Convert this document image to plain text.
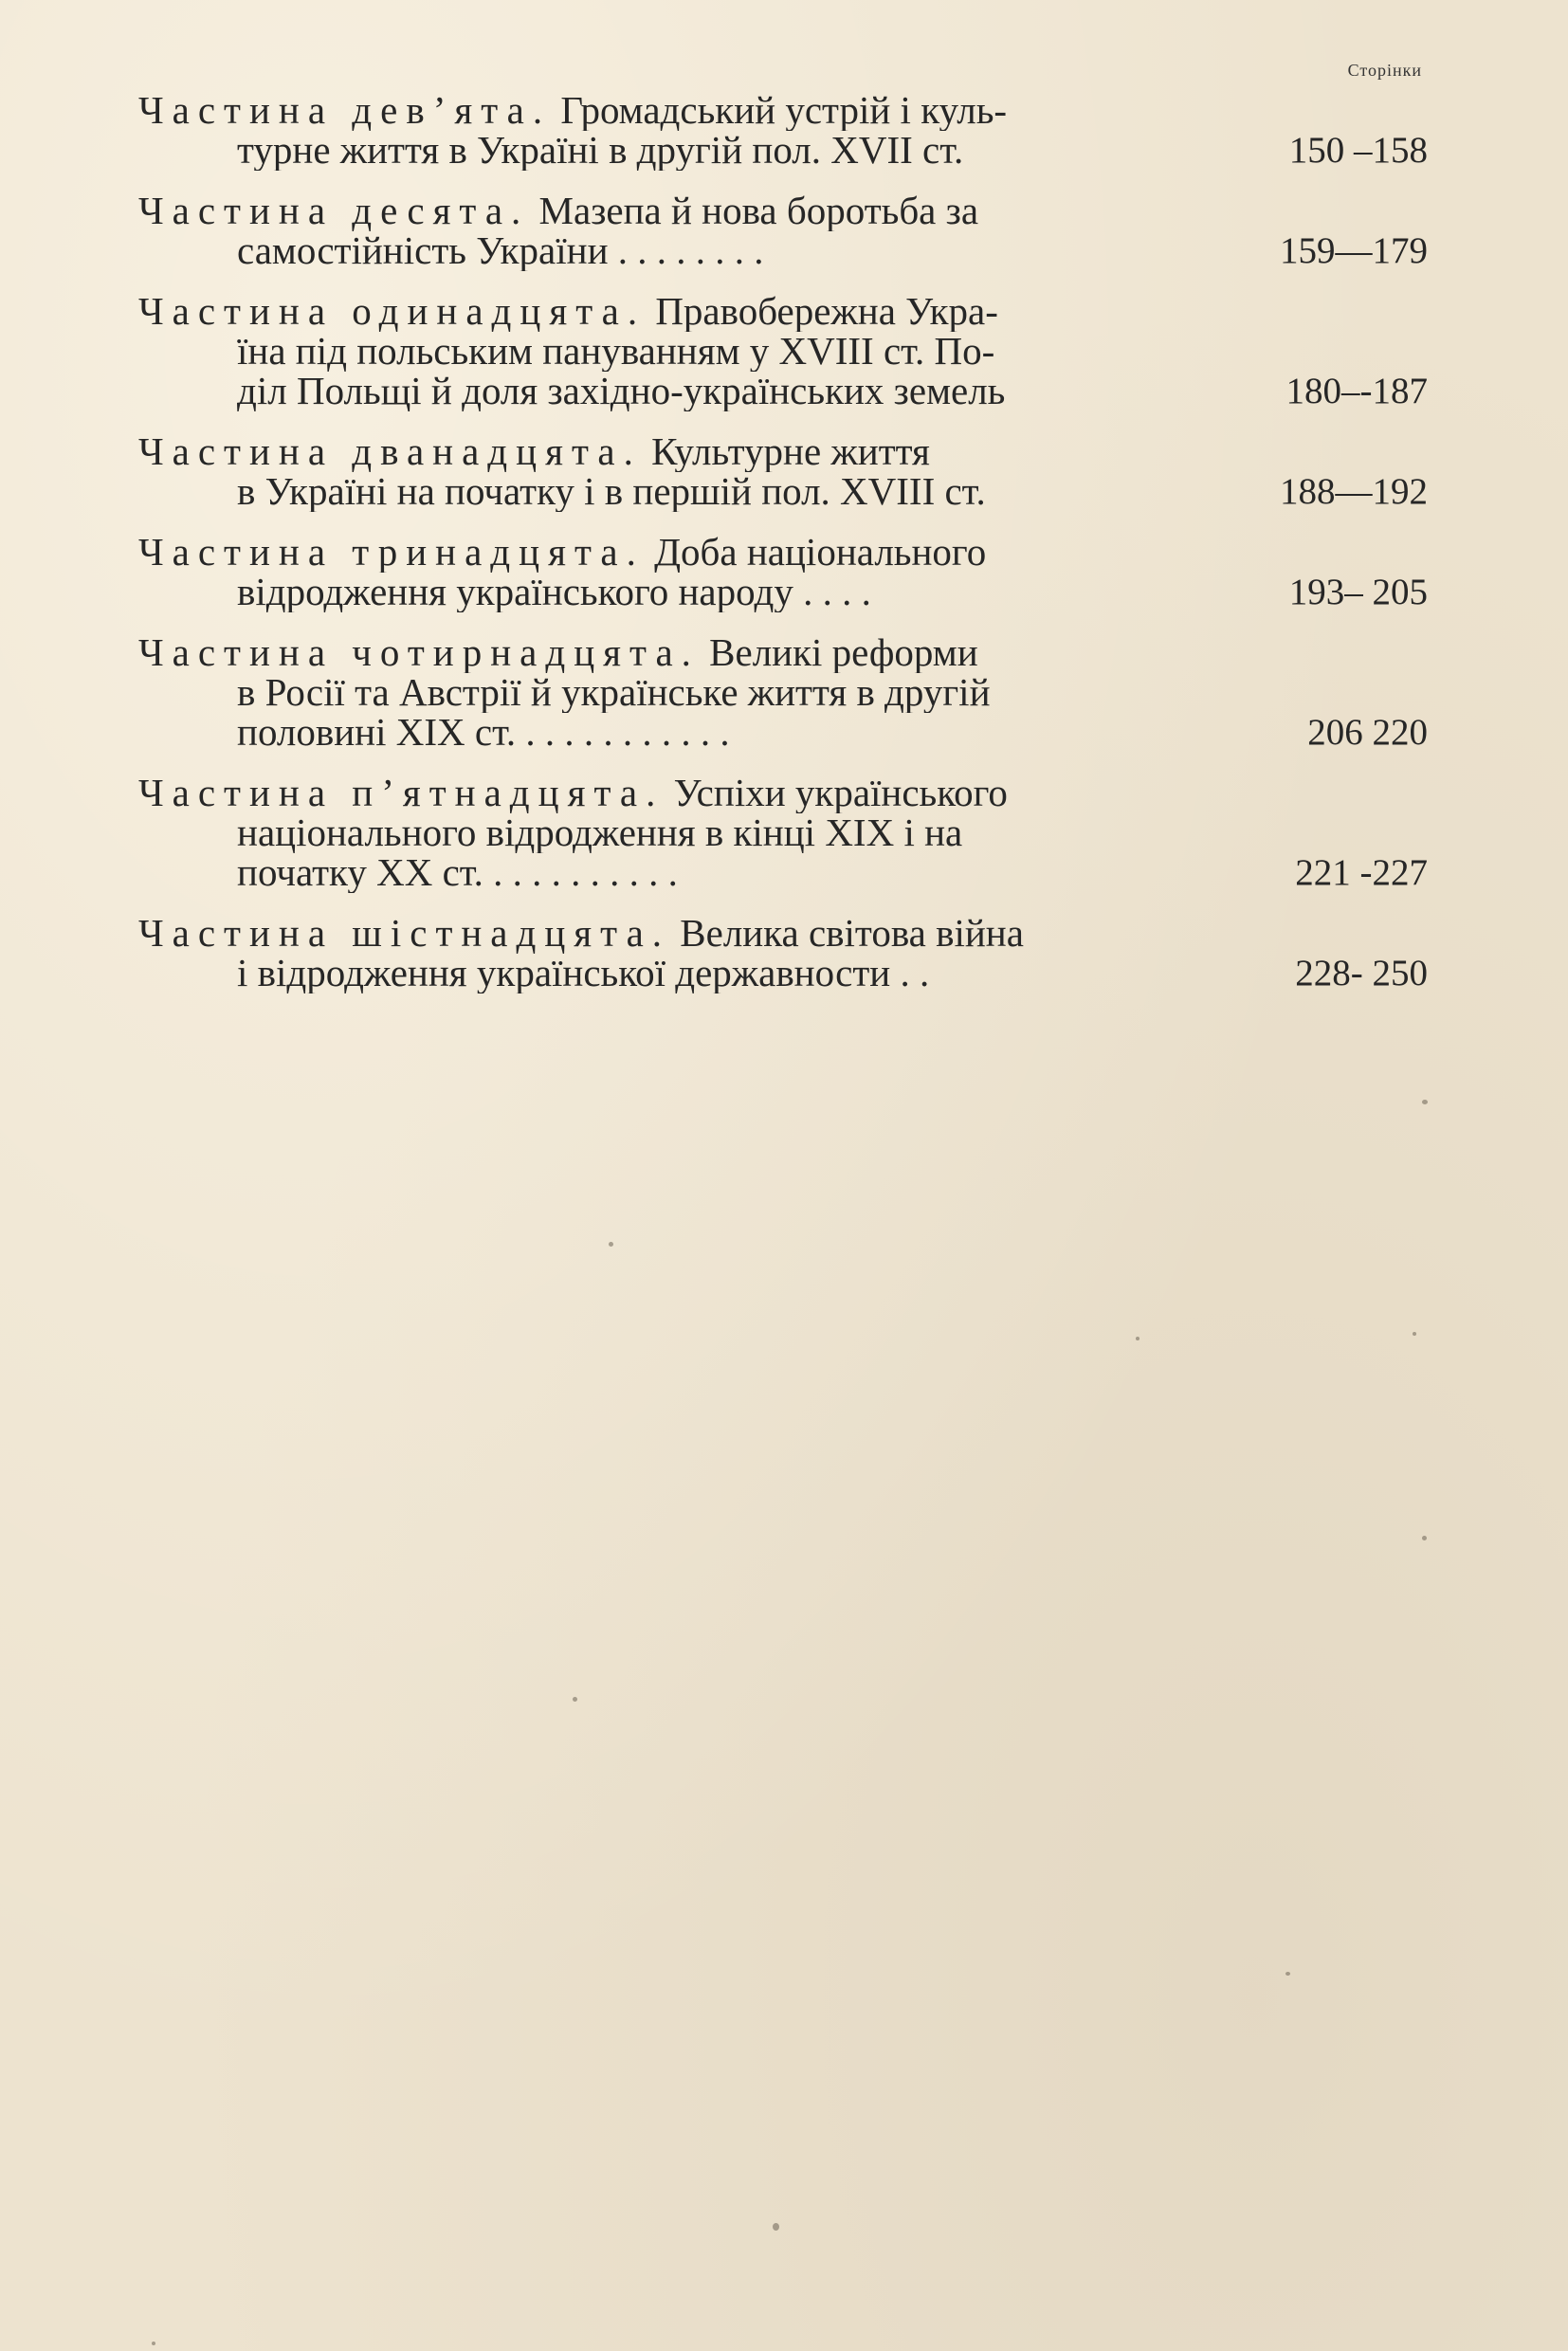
Сторінки
Частина дев’ята. Громадський устрій і куль-
турне життя в Україні в другій пол. XVII ст.	150 –158
Частина десята. Мазепа й нова боротьба за
самостійність України . . . . . . . .	159—179
Частина одинадцята. Правобережна Укра-
їна під польським пануванням у XVIII ст. По-
діл Польщі й доля західно-українських земель	180–-187
Частина дванадцята. Культурне життя
в Україні на початку і в першій пол. XVIII ст.	188—192
Частина тринадцята. Доба національного
відродження українського народу . . . .	193– 205
Частина чотирнадцята. Великі реформи
в Росії та Австрії й українське життя в другій
половині XIX ст. . . . . . . . . . . .	206 220
Частина п’ятнадцята. Успіхи українського
національного відродження в кінці XIX і на
початку XX ст. . . . . . . . . . .	221 -227
Частина шістнадцята. Велика світова війна
і відродження української державности . .	228- 250
